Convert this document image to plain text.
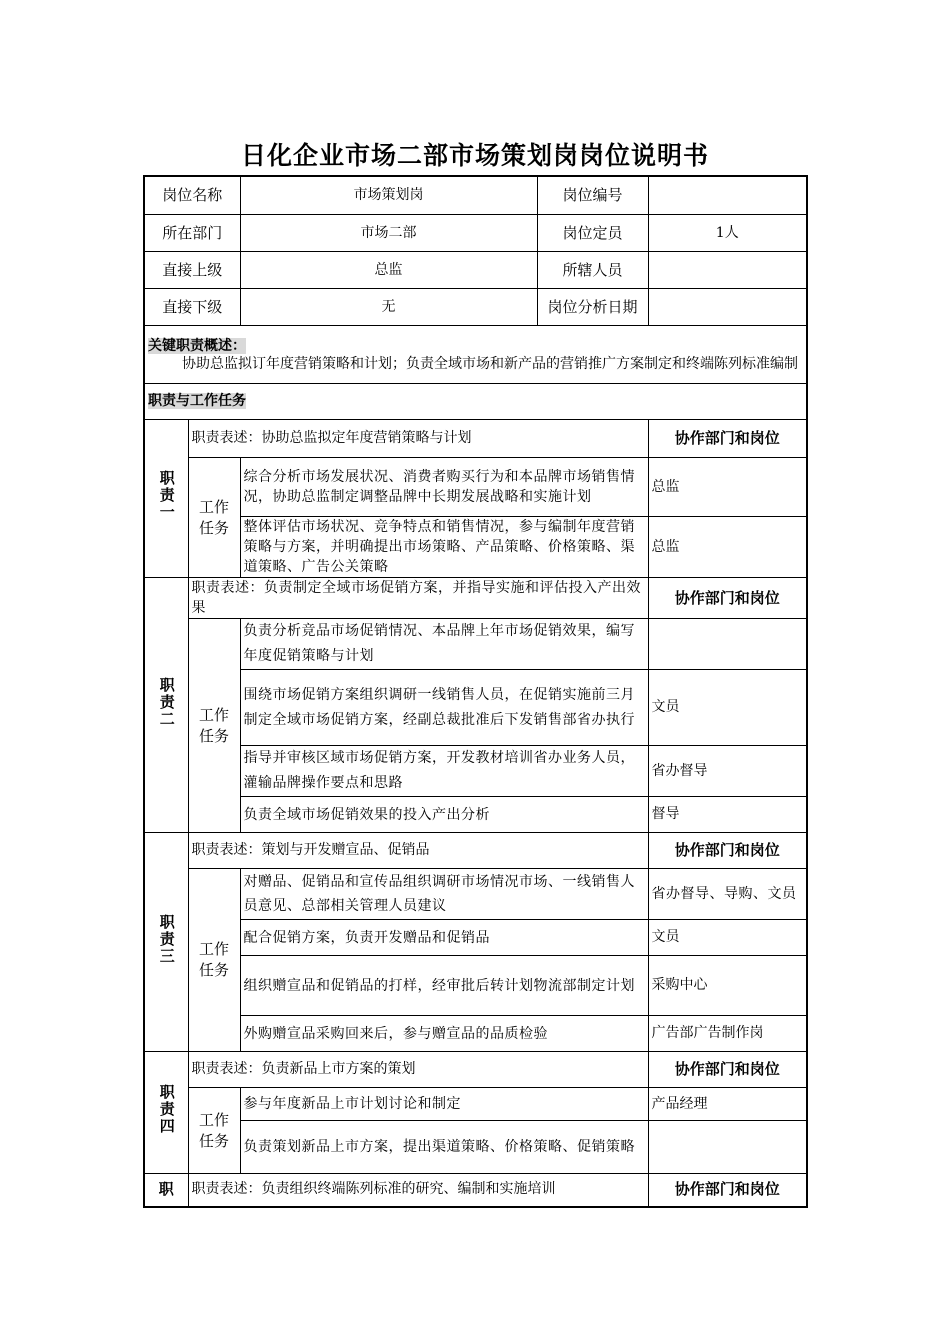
日化企业市场二部市场策划岗岗位说明书
岗位名称		市场策划岗 岗位编号	

所在部门		市场二部 岗位定员	1人
直接上级		总监 所辖人员	

直接下级		无 岗位分析日期	

关键职责概述：
协助总监拟订年度营销策略和计划；负责全域市场和新产品的营销推广方案制定和终端陈列标准编制			

职责与工作任务			
职责一	职责表述：协助总监拟定年度营销策略与计划		协作部门和岗位
	工作任务	综合分析市场发展状况、消费者购买行为和本品牌市场销售情况，协助总监制定调整品牌中长期发展战略和实施计划	总监
		整体评估市场状况、竞争特点和销售情况，参与编制年度营销策略与方案，并明确提出市场策略、产品策略、价格策略、渠道策略、广告公关策略	总监
职责二	职责表述：负责制定全域市场促销方案，并指导实施和评估投入产出效果		协作部门和岗位
	工作任务	负责分析竞品市场促销情况、本品牌上年市场促销效果，编写年度促销策略与计划	
		围绕市场促销方案组织调研一线销售人员，在促销实施前三月制定全域市场促销方案，经副总裁批准后下发销售部省办执行	文员
		指导并审核区域市场促销方案，开发教材培训省办业务人员，灌输品牌操作要点和思路	省办督导
		负责全域市场促销效果的投入产出分析	督导
职责三	职责表述：策划与开发赠宣品、促销品		协作部门和岗位
	工作任务	对赠品、促销品和宣传品组织调研市场情况市场、一线销售人员意见、总部相关管理人员建议	省办督导、导购、文员
		配合促销方案，负责开发赠品和促销品	文员
		组织赠宣品和促销品的打样，经审批后转计划物流部制定计划	采购中心
		外购赠宣品采购回来后，参与赠宣品的品质检验	广告部广告制作岗
职责四	职责表述：负责新品上市方案的策划		协作部门和岗位
	工作任务	参与年度新品上市计划讨论和制定	产品经理
		负责策划新品上市方案，提出渠道策略、价格策略、促销策略	
职	职责表述：负责组织终端陈列标准的研究、编制和实施培训		协作部门和岗位
